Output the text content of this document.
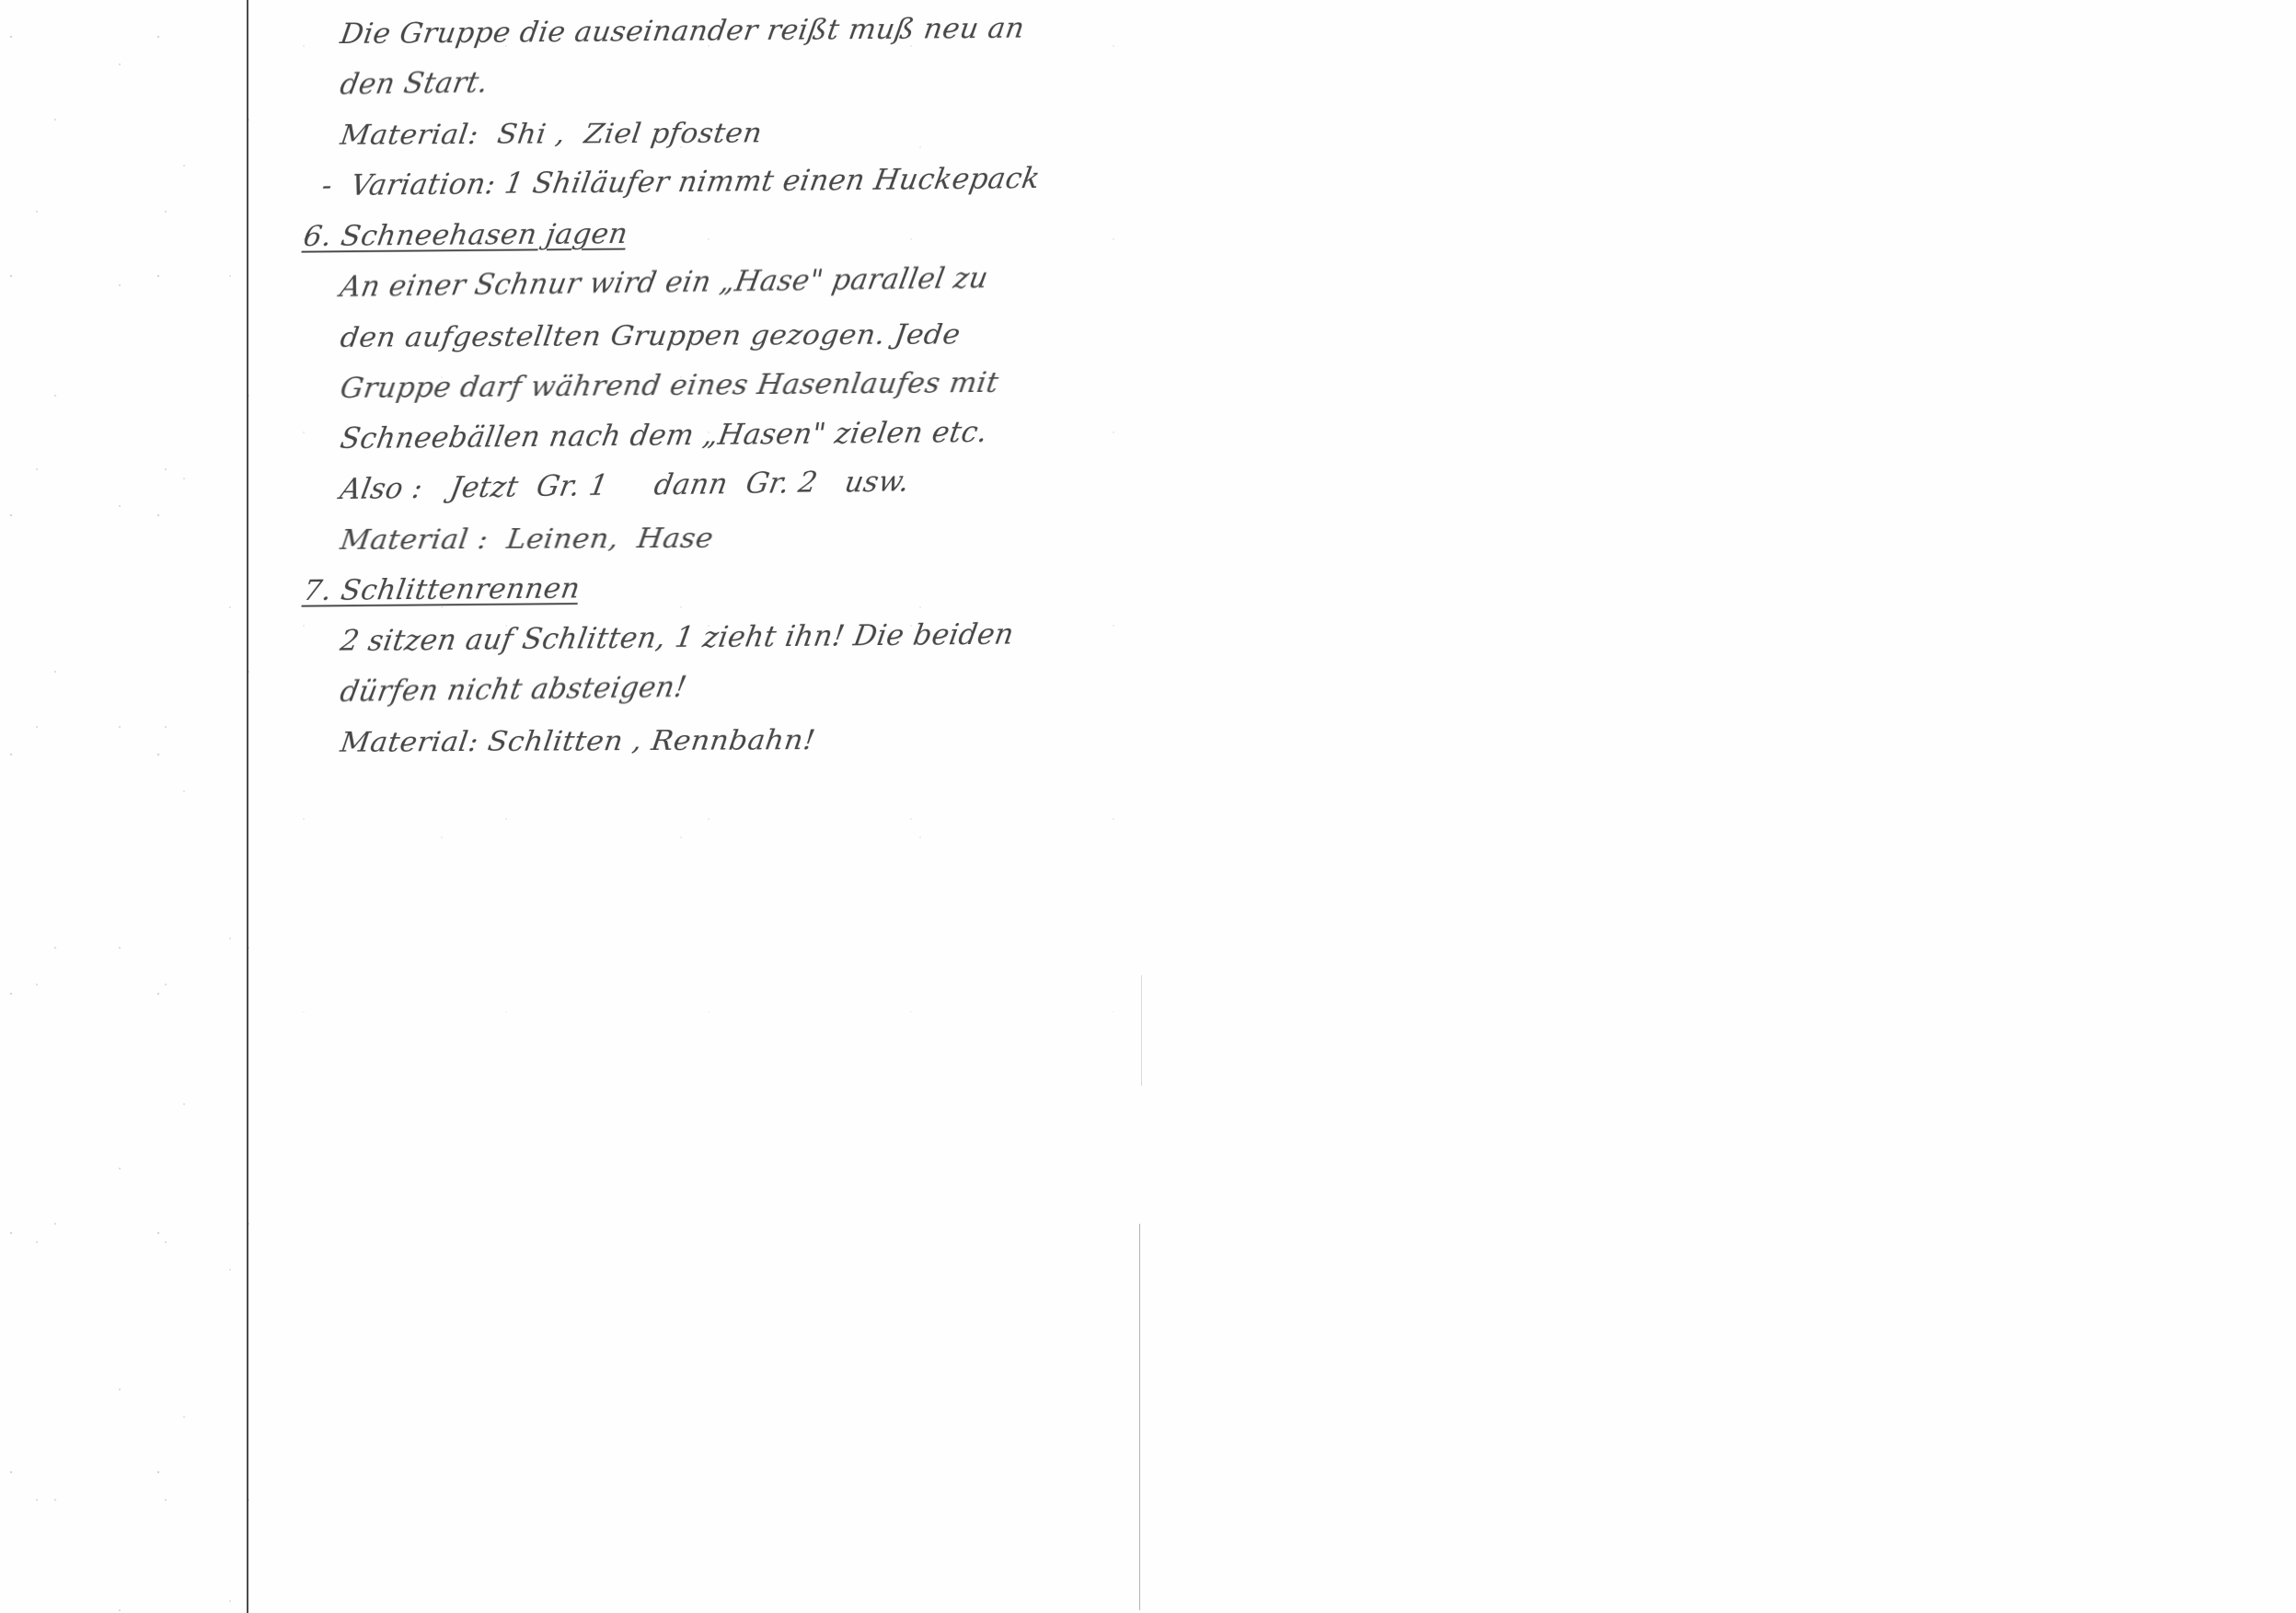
Die Gruppe die auseinander reißt muß neu an
den Start.
Material:  Shi ,  Ziel pfosten
-  Variation: 1 Shiläufer nimmt einen Huckepack
6. Schneehasen jagen
An einer Schnur wird ein „Hase" parallel zu
den aufgestellten Gruppen gezogen. Jede
Gruppe darf während eines Hasenlaufes mit
Schneebällen nach dem „Hasen" zielen etc.
Also :   Jetzt  Gr. 1     dann  Gr. 2   usw.
Material :  Leinen,  Hase
7. Schlittenrennen
2 sitzen auf Schlitten, 1 zieht ihn! Die beiden
dürfen nicht absteigen!
Material: Schlitten , Rennbahn!
